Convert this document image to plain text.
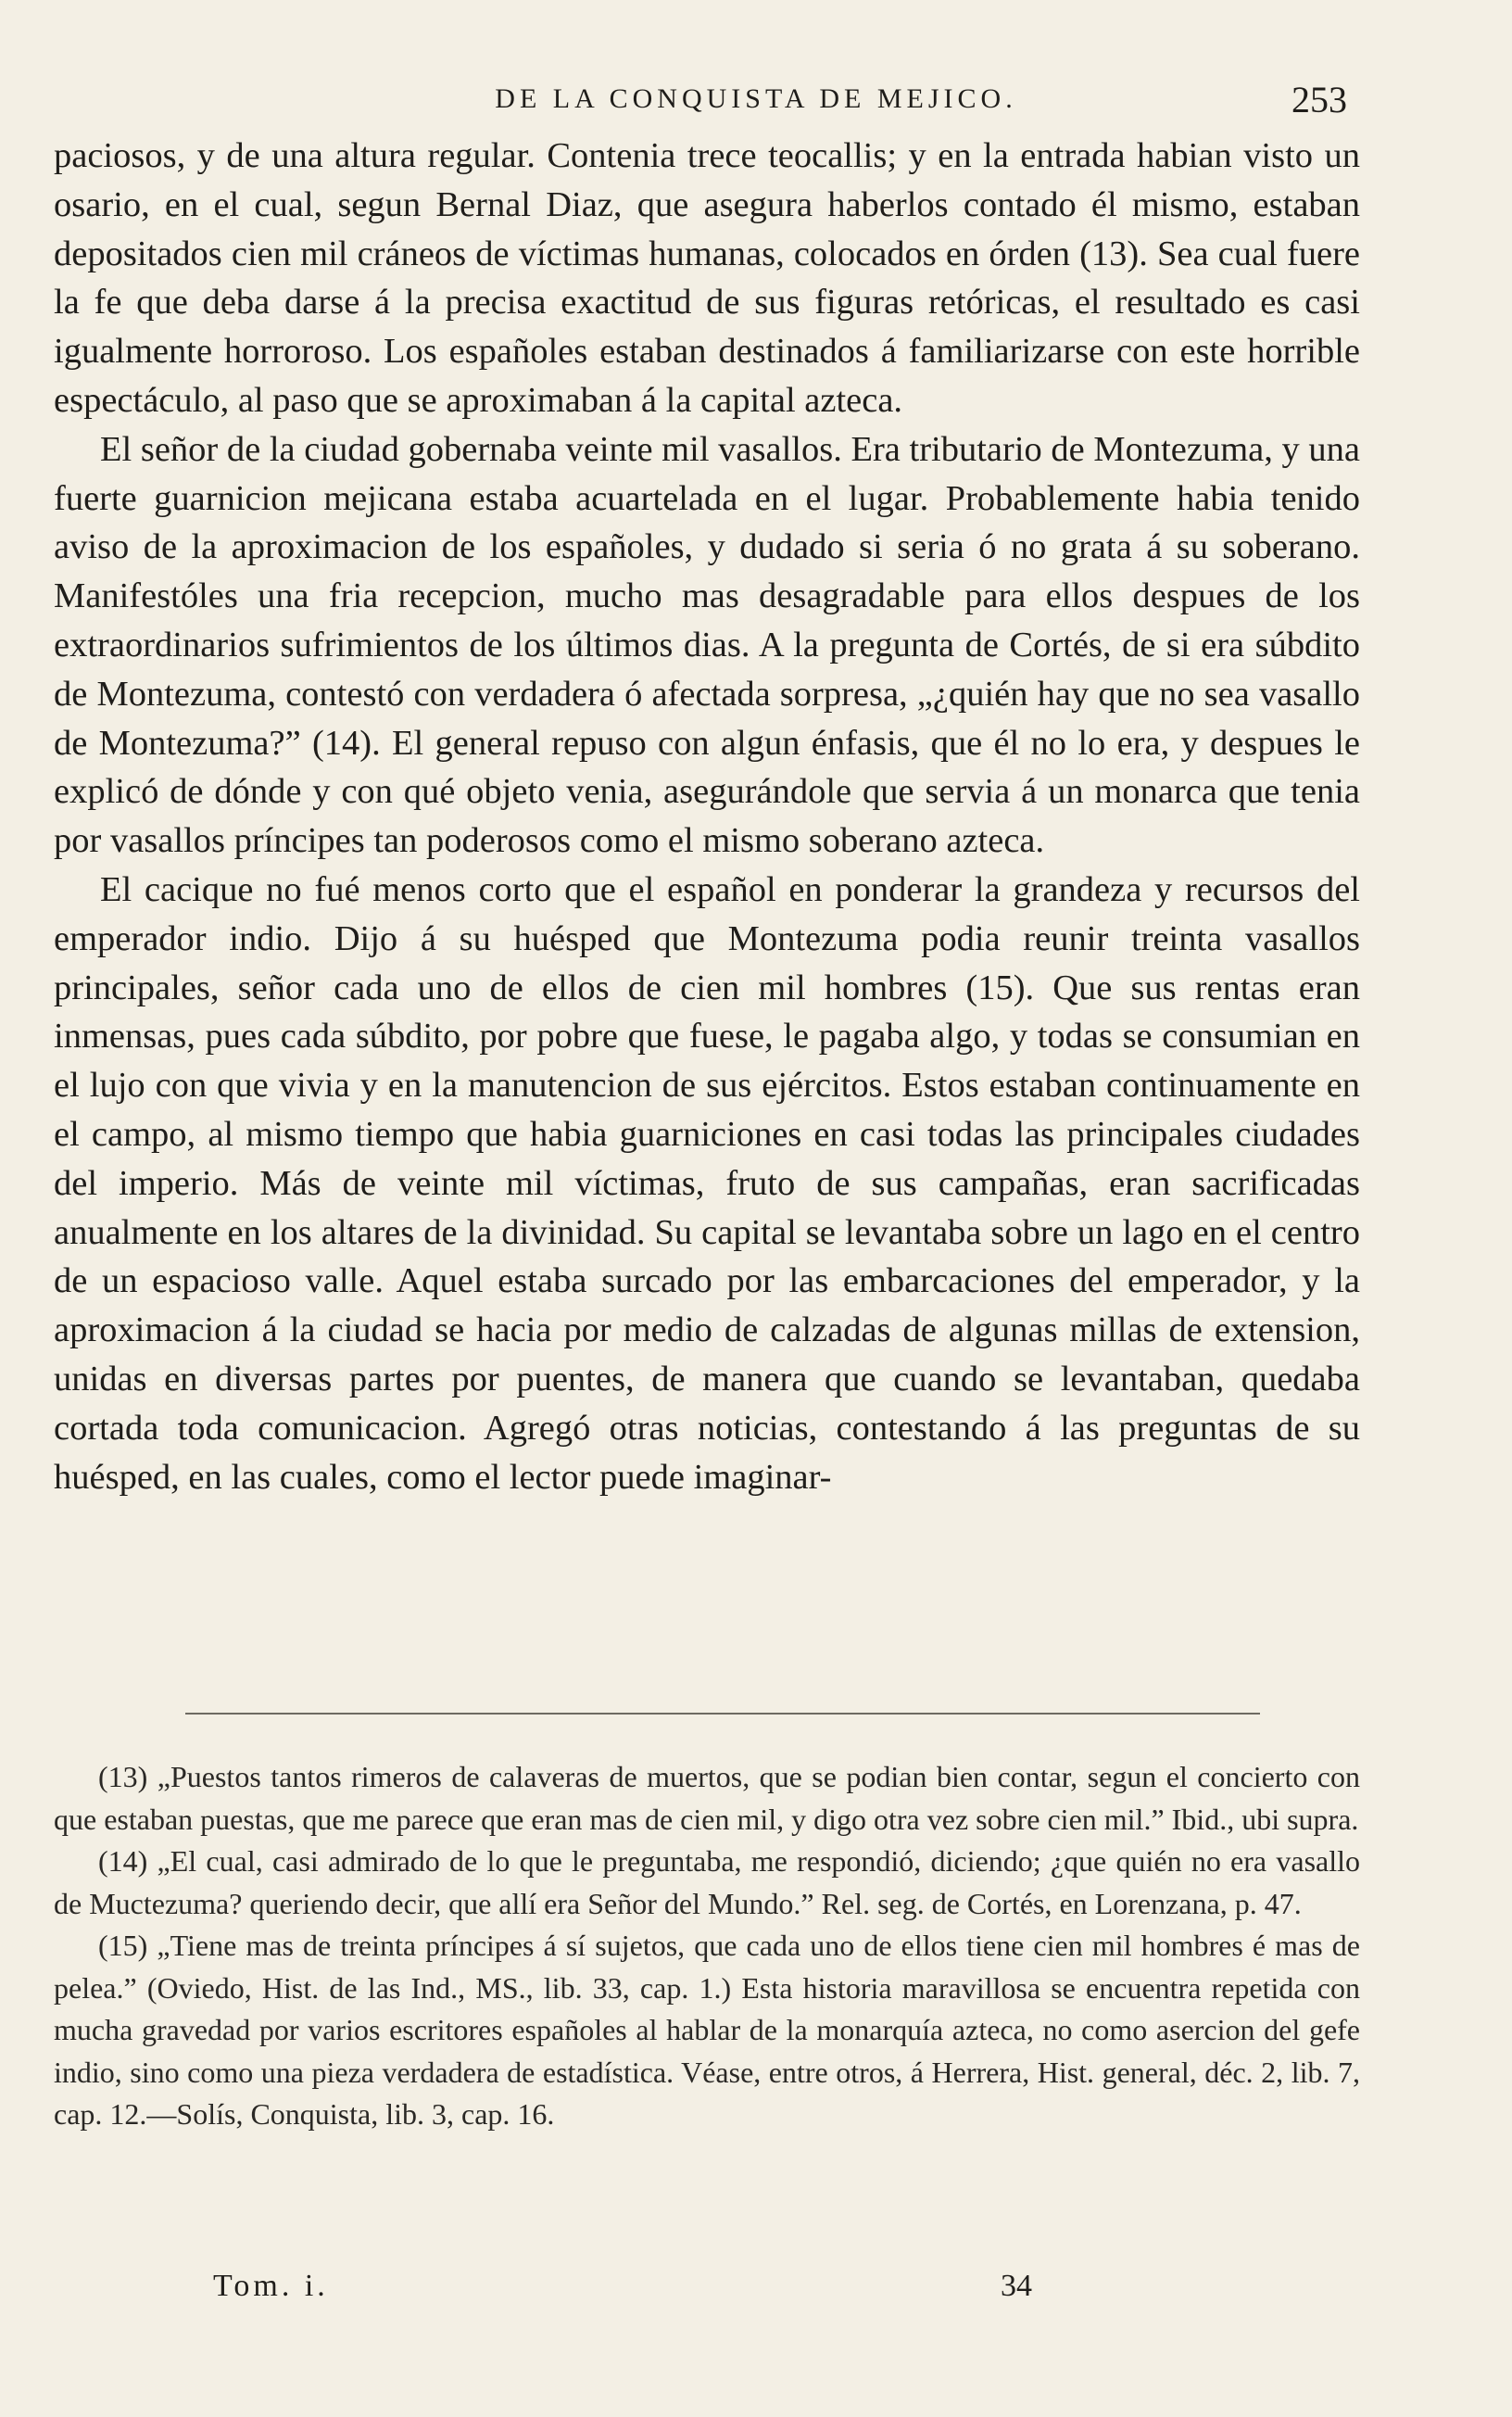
DE LA CONQUISTA DE MEJICO.	253

paciosos, y de una altura regular. Contenia trece teocallis; y en la entrada habian visto un osario, en el cual, segun Bernal Diaz, que asegura haberlos contado él mismo, estaban depositados cien mil cráneos de víctimas humanas, colocados en órden (13). Sea cual fuere la fe que deba darse á la precisa exactitud de sus figuras retóricas, el resultado es casi igualmente horroroso. Los españoles estaban destinados á familiarizarse con este horrible espectáculo, al paso que se aproximaban á la capital azteca.

El señor de la ciudad gobernaba veinte mil vasallos. Era tributario de Montezuma, y una fuerte guarnicion mejicana estaba acuartelada en el lugar. Probablemente habia tenido aviso de la aproximacion de los españoles, y dudado si seria ó no grata á su soberano. Manifestóles una fria recepcion, mucho mas desagradable para ellos despues de los extraordinarios sufrimientos de los últimos dias. A la pregunta de Cortés, de si era súbdito de Montezuma, contestó con verdadera ó afectada sorpresa, „¿quién hay que no sea vasallo de Montezuma?” (14). El general repuso con algun énfasis, que él no lo era, y despues le explicó de dónde y con qué objeto venia, asegurándole que servia á un monarca que tenia por vasallos príncipes tan poderosos como el mismo soberano azteca.

El cacique no fué menos corto que el español en ponderar la grandeza y recursos del emperador indio. Dijo á su huésped que Montezuma podia reunir treinta vasallos principales, señor cada uno de ellos de cien mil hombres (15). Que sus rentas eran inmensas, pues cada súbdito, por pobre que fuese, le pagaba algo, y todas se consumian en el lujo con que vivia y en la manutencion de sus ejércitos. Estos estaban continuamente en el campo, al mismo tiempo que habia guarniciones en casi todas las principales ciudades del imperio. Más de veinte mil víctimas, fruto de sus campañas, eran sacrificadas anualmente en los altares de la divinidad. Su capital se levantaba sobre un lago en el centro de un espacioso valle. Aquel estaba surcado por las embarcaciones del emperador, y la aproximacion á la ciudad se hacia por medio de calzadas de algunas millas de extension, unidas en diversas partes por puentes, de manera que cuando se levantaban, quedaba cortada toda comunicacion. Agregó otras noticias, contestando á las preguntas de su huésped, en las cuales, como el lector puede imaginar-

(13) „Puestos tantos rimeros de calaveras de muertos, que se podian bien contar, segun el concierto con que estaban puestas, que me parece que eran mas de cien mil, y digo otra vez sobre cien mil.” Ibid., ubi supra.

(14) „El cual, casi admirado de lo que le preguntaba, me respondió, diciendo; ¿que quién no era vasallo de Muctezuma? queriendo decir, que allí era Señor del Mundo.” Rel. seg. de Cortés, en Lorenzana, p. 47.

(15) „Tiene mas de treinta príncipes á sí sujetos, que cada uno de ellos tiene cien mil hombres é mas de pelea.” (Oviedo, Hist. de las Ind., MS., lib. 33, cap. 1.) Esta historia maravillosa se encuentra repetida con mucha gravedad por varios escritores españoles al hablar de la monarquía azteca, no como asercion del gefe indio, sino como una pieza verdadera de estadística. Véase, entre otros, á Herrera, Hist. general, déc. 2, lib. 7, cap. 12.—Solís, Conquista, lib. 3, cap. 16.

Tom. i.	34
